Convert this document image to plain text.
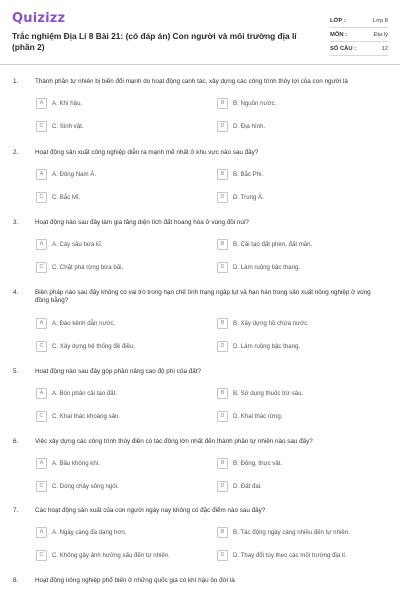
Quizizz
Trắc nghiệm Địa Lí 8 Bài 21: (có đáp án) Con người và môi trường địa lí (phần 2)
LỚP :	Lớp 8
MÔN :	Địa lý
SỐ CÂU :	12
1.	Thành phần tự nhiên bị biến đổi mạnh do hoạt động canh tác, xây dựng các công trình thủy lợi của con người là
A	A. Khí hậu.	B	B. Nguồn nước.
C	C. Sinh vật.	D	D. Địa hình.
2.	Hoạt động sản xuất công nghiệp diễn ra mạnh mẽ nhất ở khu vực nào sau đây?
A	A. Đông Nam Á.	B	B. Bắc Phi.
C	C. Bắc Mĩ.	D	D. Trung Á.
3.	Hoạt động nào sau đây làm gia tăng diện tích đất hoang hóa ở vùng đồi núi?
A	A. Cày sâu bừa kĩ.	B	B. Cải tạo đất phèn, đất mặn.
C	C. Chặt phá rừng bừa bãi.	D	D. Làm ruộng bậc thang.
4.	Biện pháp nào sau đây không có vai trò trong hạn chế tình trạng ngập lụt và hạn hán trong sản xuất nông nghiệp ở vùng đồng bằng?
A	A. Đào kênh dẫn nước.	B	B. Xây dựng hồ chứa nước.
C	C. Xây dựng hệ thống đê điều.	D	D. Làm ruộng bậc thang.
5.	Hoạt động nào sau đây góp phần nâng cao độ phì của đất?
A	A. Bón phân cải tạo đất.	B	B. Sử dụng thuốc trừ sâu.
C	C. Khai thác khoáng sản.	D	D. Khai thác rừng.
6.	Việc xây dựng các công trình thủy điện có tác động lớn nhất đến thành phần tự nhiên nào sau đây?
A	A. Bầu không khí.	B	B. Động, thực vật.
C	C. Dòng chảy sông ngòi.	D	D. Đất đai.
7.	Các hoạt động sản xuất của con người ngày nay không có đặc điểm nào sau đây?
A	A. Ngày càng đa dạng hơn.	B	B. Tác động ngày càng nhiều đến tự nhiên.
C	C. Không gây ảnh hưởng xấu đến tự nhiên.	D	D. Thay đổi tùy theo các môi trường địa lí.
8.	Hoạt động nông nghiệp phổ biến ở những quốc gia có khí hậu ôn đới là
